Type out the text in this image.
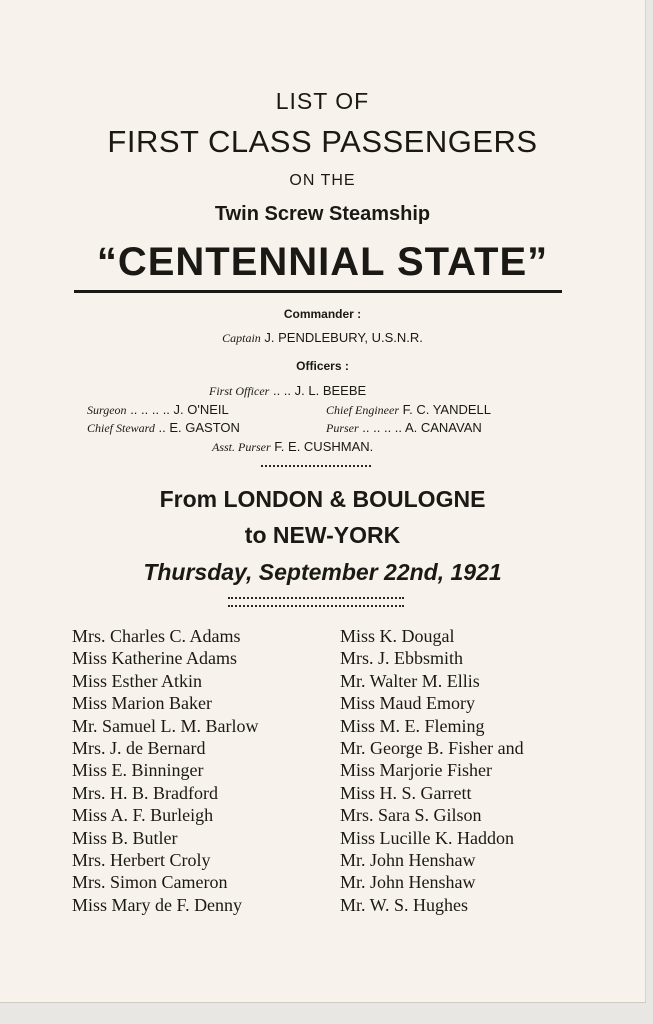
LIST OF
FIRST CLASS PASSENGERS
ON THE
Twin Screw Steamship
“CENTENNIAL STATE”
Commander :
Captain J. PENDLEBURY, U.S.N.R.
Officers :
First Officer .. .. J. L. BEEBE
Surgeon .. .. .. .. J. O'NEIL	Chief Engineer F. C. YANDELL
Chief Steward .. E. GASTON	Purser .. .. .. .. A. CANAVAN
Asst. Purser F. E. CUSHMAN.
From LONDON & BOULOGNE
to NEW-YORK
Thursday, September 22nd, 1921
Mrs. Charles C. Adams
Miss Katherine Adams
Miss Esther Atkin
Miss Marion Baker
Mr. Samuel L. M. Barlow
Mrs. J. de Bernard
Miss E. Binninger
Mrs. H. B. Bradford
Miss A. F. Burleigh
Miss B. Butler
Mrs. Herbert Croly
Mrs. Simon Cameron
Miss Mary de F. Denny
Miss K. Dougal
Mrs. J. Ebbsmith
Mr. Walter M. Ellis
Miss Maud Emory
Miss M. E. Fleming
Mr. George B. Fisher and
Miss Marjorie Fisher
Miss H. S. Garrett
Mrs. Sara S. Gilson
Miss Lucille K. Haddon
Mr. John Henshaw
Mr. John Henshaw
Mr. W. S. Hughes
